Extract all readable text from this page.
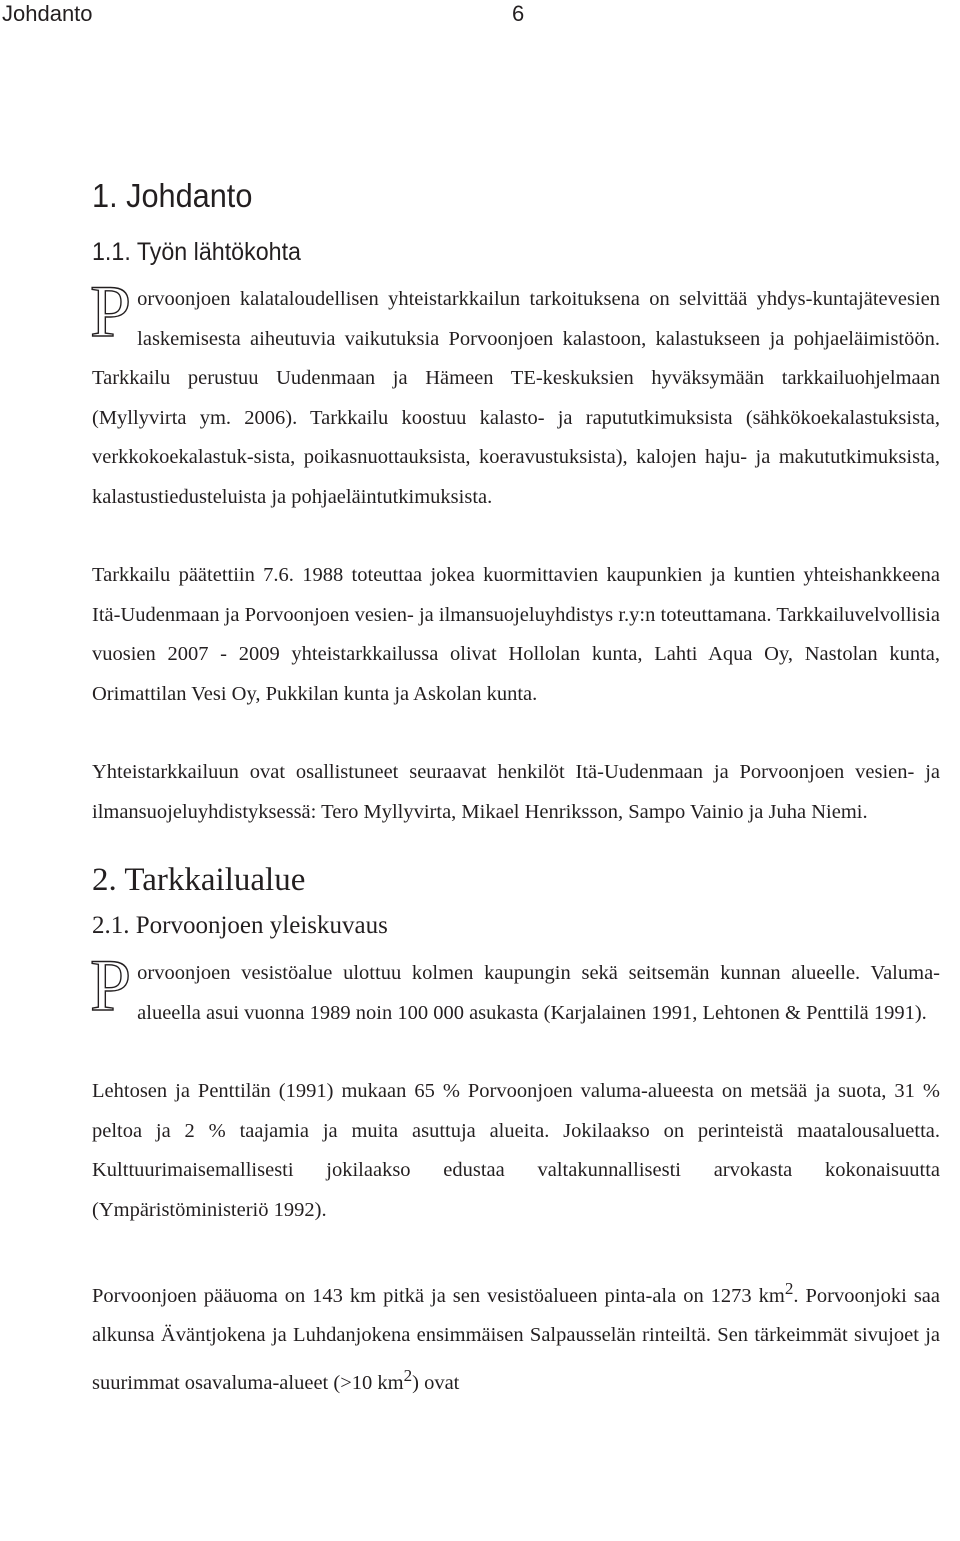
Johdanto	6
1. Johdanto
1.1. Työn lähtökohta

Porvoonjoen kalataloudellisen yhteistarkkailun tarkoituksena on selvittää yhdys-kuntajätevesien laskemisesta aiheutuvia vaikutuksia Porvoonjoen kalastoon, kalastukseen ja pohjaeläimistöön. Tarkkailu perustuu Uudenmaan ja Hämeen TE-keskuksien hyväksymään tarkkailuohjelmaan (Myllyvirta ym. 2006). Tarkkailu koostuu kalasto- ja rapututkimuksista (sähkökoekalastuksista, verkkokoekalastuk-sista, poikasnuottauksista, koeravustuksista), kalojen haju- ja makututkimuksista, kalastustiedusteluista ja pohjaeläintutkimuksista.

Tarkkailu päätettiin 7.6. 1988 toteuttaa jokea kuormittavien kaupunkien ja kuntien yhteishankkeena Itä-Uudenmaan ja Porvoonjoen vesien- ja ilmansuojeluyhdistys r.y:n toteuttamana. Tarkkailuvelvollisia vuosien 2007 - 2009 yhteistarkkailussa olivat Hollolan kunta, Lahti Aqua Oy, Nastolan kunta, Orimattilan Vesi Oy, Pukkilan kunta ja Askolan kunta.

Yhteistarkkailuun ovat osallistuneet seuraavat henkilöt Itä-Uudenmaan ja Porvoonjoen vesien- ja ilmansuojeluyhdistyksessä: Tero Myllyvirta, Mikael Henriksson, Sampo Vainio ja Juha Niemi.

2. Tarkkailualue
2.1. Porvoonjoen yleiskuvaus

Porvoonjoen vesistöalue ulottuu kolmen kaupungin sekä seitsemän kunnan alueelle. Valuma-alueella asui vuonna 1989 noin 100 000 asukasta (Karjalainen 1991, Lehtonen & Penttilä 1991).

Lehtosen ja Penttilän (1991) mukaan 65 % Porvoonjoen valuma-alueesta on metsää ja suota, 31 % peltoa ja 2 % taajamia ja muita asuttuja alueita. Jokilaakso on perinteistä maatalousaluetta. Kulttuurimaisemallisesti jokilaakso edustaa valtakunnallisesti arvokasta kokonaisuutta (Ympäristöministeriö 1992).

Porvoonjoen pääuoma on 143 km pitkä ja sen vesistöalueen pinta-ala on 1273 $km^2$. Porvoonjoki saa alkunsa Äväntjokena ja Luhdanjokena ensimmäisen Salpausselän rinteiltä. Sen tärkeimmät sivujoet ja suurimmat osavaluma-alueet (>10 $km^2$) ovat
